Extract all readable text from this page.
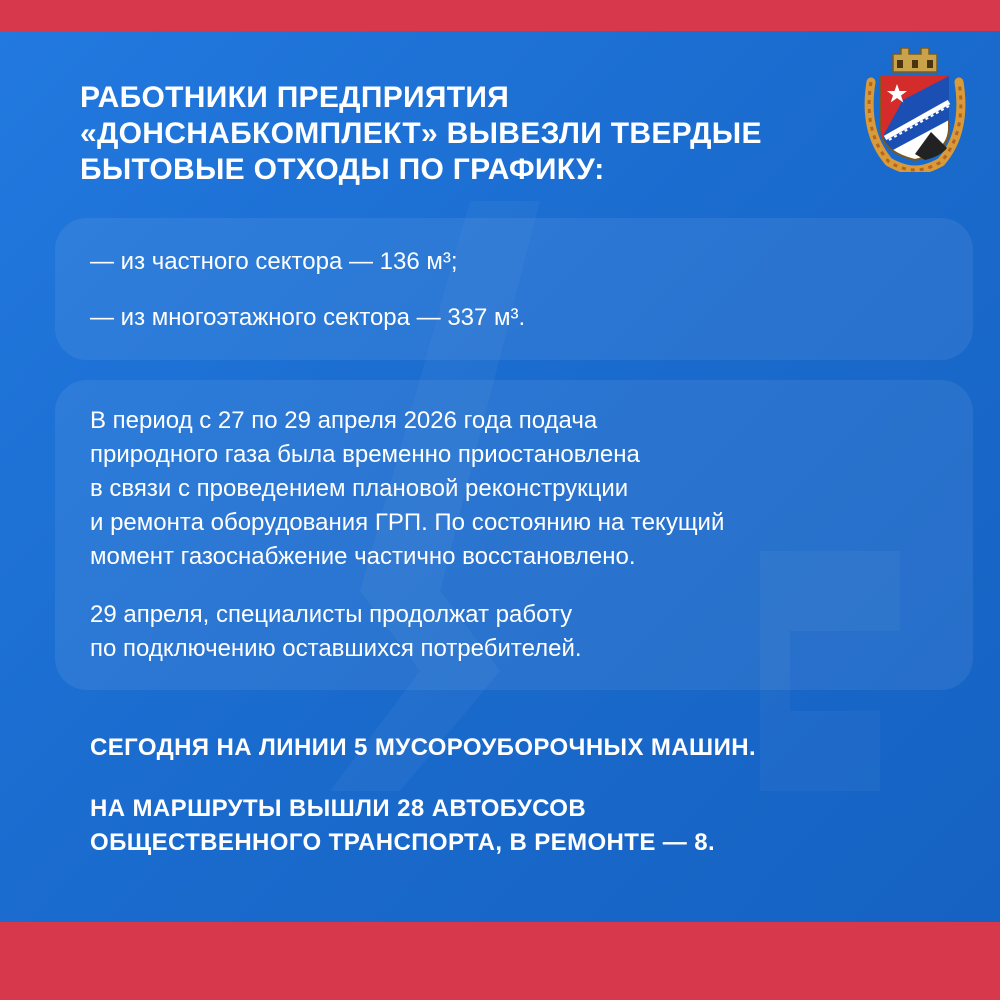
РАБОТНИКИ ПРЕДПРИЯТИЯ
«ДОНСНАБКОМПЛЕКТ» ВЫВЕЗЛИ ТВЕРДЫЕ
БЫТОВЫЕ ОТХОДЫ ПО ГРАФИКУ:

— из частного сектора — 136 м³;

— из многоэтажного сектора — 337 м³.

В период с 27 по 29 апреля 2026 года подача
природного газа была временно приостановлена
в связи с проведением плановой реконструкции
и ремонта оборудования ГРП. По состоянию на текущий
момент газоснабжение частично восстановлено.

29 апреля, специалисты продолжат работу
по подключению оставшихся потребителей.

СЕГОДНЯ НА ЛИНИИ 5 МУСОРОУБОРОЧНЫХ МАШИН.

НА МАРШРУТЫ ВЫШЛИ 28 АВТОБУСОВ
ОБЩЕСТВЕННОГО ТРАНСПОРТА, В РЕМОНТЕ — 8.
